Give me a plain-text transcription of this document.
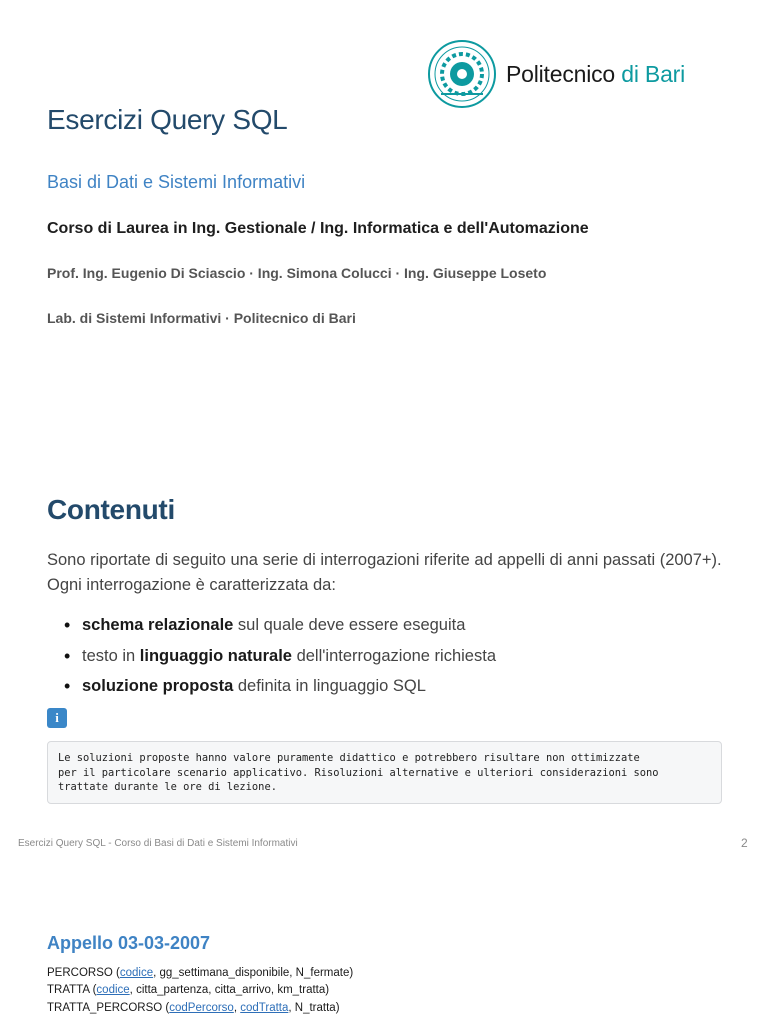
Politecnico di Bari
Esercizi Query SQL
Basi di Dati e Sistemi Informativi
Corso di Laurea in Ing. Gestionale / Ing. Informatica e dell'Automazione
Prof. Ing. Eugenio Di Sciascio · Ing. Simona Colucci · Ing. Giuseppe Loseto
Lab. di Sistemi Informativi · Politecnico di Bari
Contenuti

Sono riportate di seguito una serie di interrogazioni riferite ad appelli di anni passati (2007+). Ogni interrogazione è caratterizzata da:

• schema relazionale sul quale deve essere eseguita
• testo in linguaggio naturale dell'interrogazione richiesta
• soluzione proposta definita in linguaggio SQL
i
Le soluzioni proposte hanno valore puramente didattico e potrebbero risultare non ottimizzate
per il particolare scenario applicativo. Risoluzioni alternative e ulteriori considerazioni sono
trattate durante le ore di lezione.
Esercizi Query SQL - Corso di Basi di Dati e Sistemi Informativi	2
Appello 03-03-2007
PERCORSO (codice, gg_settimana_disponibile, N_fermate)
TRATTA (codice, citta_partenza, citta_arrivo, km_tratta)
TRATTA_PERCORSO (codPercorso, codTratta, N_tratta)
